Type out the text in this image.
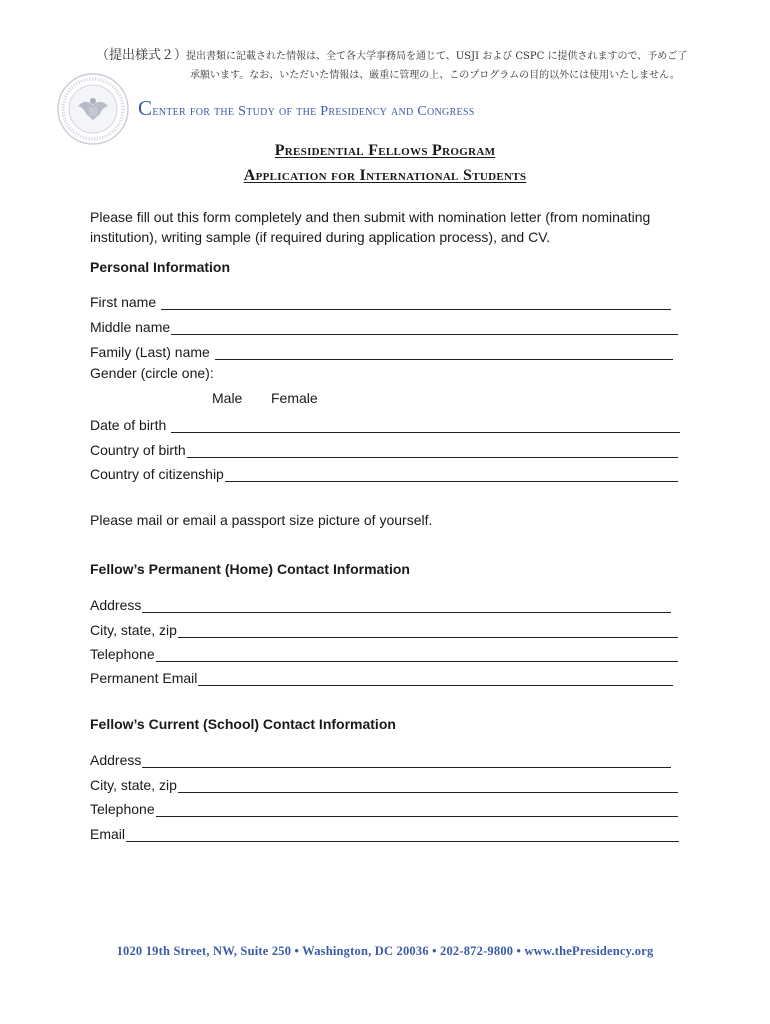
（提出様式２）提出書類に記載された情報は、全て各大学事務局を通じて、USJI および CSPC に提供されますので、予めご了
承願います。なお、いただいた情報は、厳重に管理の上、このプログラムの目的以外には使用いたしません。
Center for the Study of the Presidency and Congress
Presidential Fellows Program
Application for International Students

Please fill out this form completely and then submit with nomination letter (from nominating institution), writing sample (if required during application process), and CV.

Personal Information

First name
Middle name
Family (Last) name

Gender (circle one):

Male Female
Date of birth
Country of birth
Country of citizenship

Please mail or email a passport size picture of yourself.

Fellow’s Permanent (Home) Contact Information

Address
City, state, zip
Telephone
Permanent Email

Fellow’s Current (School) Contact Information

Address
City, state, zip
Telephone
Email
1020 19th Street, NW, Suite 250 • Washington, DC 20036 • 202-872-9800 • www.thePresidency.org
